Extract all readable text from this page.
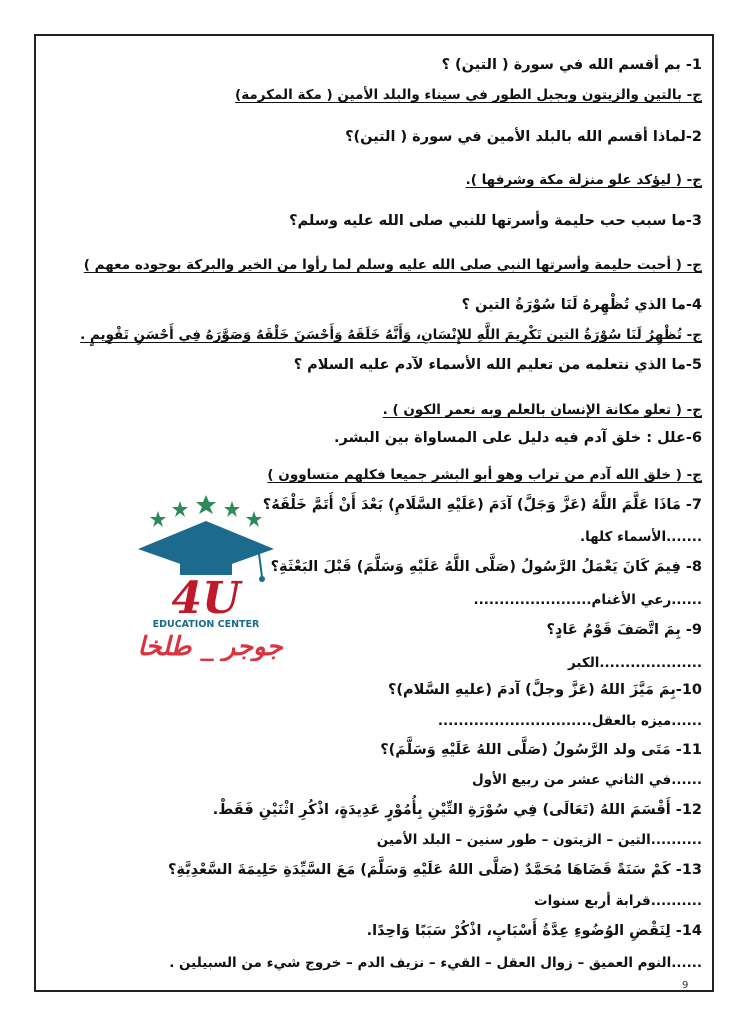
4U
EDUCATION CENTER
جوجر _ طلخا
1- بم أقسم الله في سورة ( التين) ؟
ج- بالتين والزيتون وبجبل الطور في سيناء والبلد الأمين ( مكة المكرمة)
2-لماذا أقسم الله بالبلد الأمين في سورة ( التين)؟
ج- ( ليؤكد علو منزلة مكة وشرفها ).
3-ما سبب حب حليمة وأسرتها للنبي صلى الله عليه وسلم؟
ج- ( أحبت حليمة وأسرتها النبي صلى الله عليه وسلم لما رأوا من الخير والبركة بوجوده معهم )
4-ما الذي تُظْهِرهُ لَنَا سُوْرَةُ التين ؟
ج- تُظْهِرُ لَنَا سُوْرَةُ التين تَكْرِيمَ اللَّهِ للإِنْسَانِ، وَأَنَّهُ خَلَقَهُ وَأَحْسَنَ خَلْقَهُ وَصَوَّرَهُ فِي أَحْسَنِ تَقْوِيمٍ .
5-ما الذي نتعلمه من تعليم الله الأسماء لآدم عليه السلام ؟
ج- ( تعلو مكانة الإنسان بالعلم وبه نعمر الكون ) .
6-علل : خلق آدم فيه دليل على المساواة بين البشر.
ج- ( خلق الله آدم من تراب وهو أبو البشر جميعا فكلهم متساوون )
7- مَاذَا عَلَّمَ اللَّهُ (عَزَّ وَجَلَّ) آدَمَ (عَلَيْهِ السَّلَامِ) بَعْدَ أَنْ أَتَمَّ خَلْقَهُ؟
.......الأسماء كلها.
8- فِيمَ كَانَ يَعْمَلُ الرَّسُولُ (صَلَّى اللَّهُ عَلَيْهِ وَسَلَّمَ) قَبْلَ البَعْثَةِ؟
......رعي الأغنام.......................
9- بِمَ اتَّصَفَ قَوْمُ عَادٍ؟
....................الكبر
10-بِمَ مَيَّزَ اللهُ (عَزَّ وجلَّ) آدمَ (عليهِ السَّلام)؟
......ميزه بالعقل..............................
11- مَتَى ولد الرَّسُولُ (صَلَّى اللهُ عَلَيْهِ وَسَلَّمَ)؟
......في الثاني عشر من ربيع الأول
12- أَقْسَمَ اللهُ (تَعَالَى) فِي سُوْرَةِ التِّيْنِ بِأُمُوْرٍ عَدِيدَةٍ، اذْكُرِ اثْنَيْنِ فَقَطْ.
..........التين – الزيتون – طور سنين – البلد الأمين
13- كَمْ سَنَةً قَضَاهَا مُحَمَّدٌ (صَلَّى اللهُ عَلَيْهِ وَسَلَّمَ) مَعَ السَّيِّدَةِ حَلِيمَةَ السَّعْدِيَّةِ؟
..........قرابة أربع سنوات
14- لِنَقْضِ الوُضُوءِ عِدَّةُ أَسْبَابٍ، اذْكُرْ سَبَبًا وَاحِدًا.
......النوم العميق – زوال العقل – القيء – نزيف الدم – خروج شيء من السبيلين .
9
